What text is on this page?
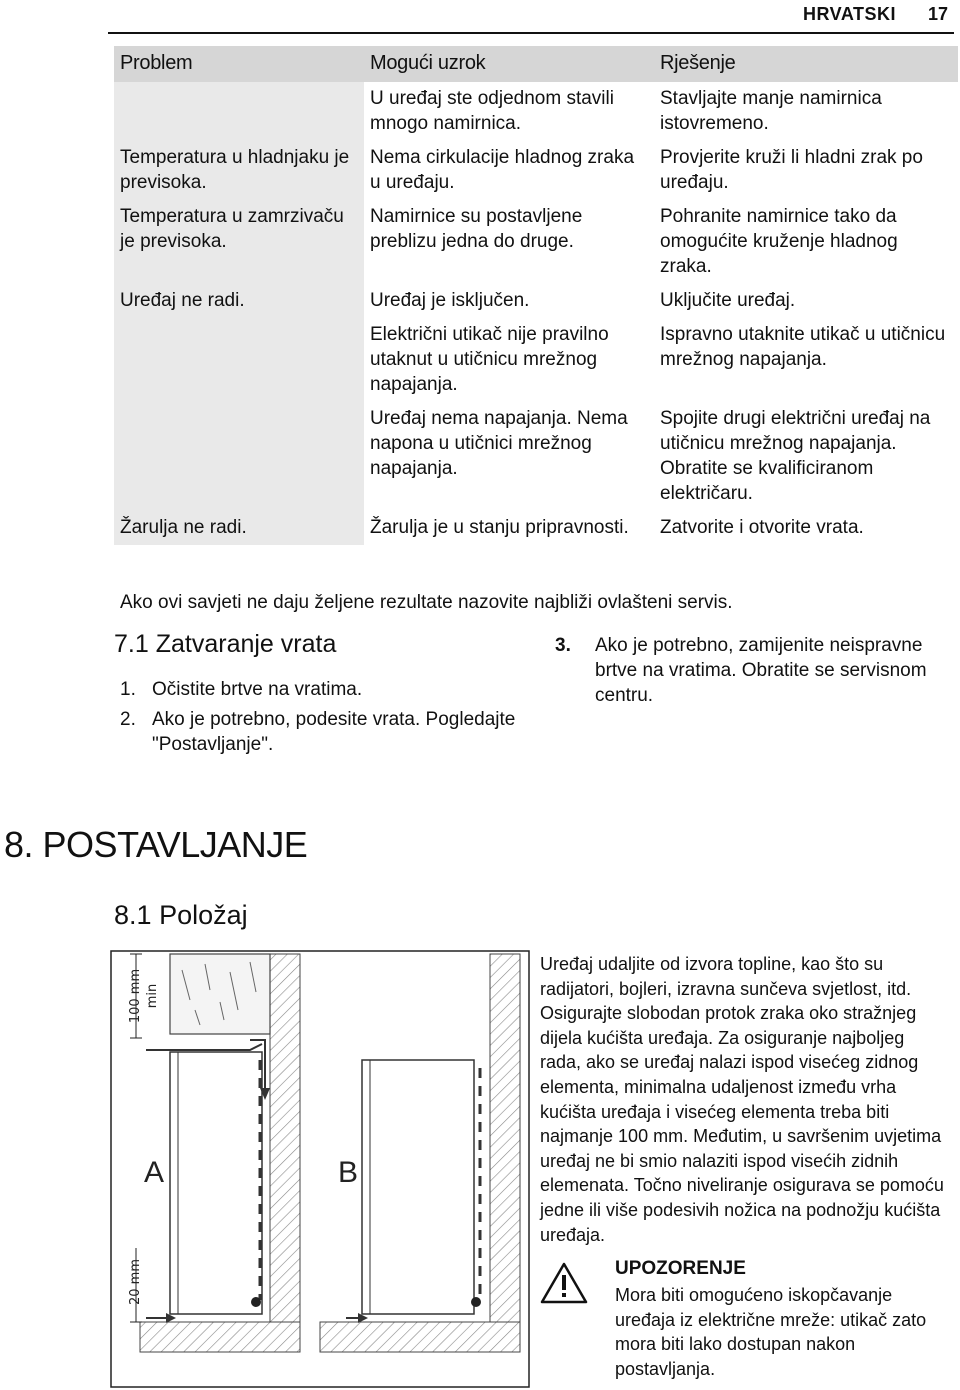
HRVATSKI 17
Problem	Mogući uzrok	Rješenje
	U uređaj ste odjednom stavili mnogo namirnica.	Stavljajte manje namirnica istovremeno.
Temperatura u hladnjaku je previsoka.	Nema cirkulacije hladnog zraka u uređaju.	Provjerite kruži li hladni zrak po uređaju.
Temperatura u zamrzivaču je previsoka.	Namirnice su postavljene preblizu jedna do druge.	Pohranite namirnice tako da omogućite kruženje hladnog zraka.
Uređaj ne radi.	Uređaj je isključen.	Uključite uređaj.
	Električni utikač nije pravilno utaknut u utičnicu mrežnog napajanja.	Ispravno utaknite utikač u utičnicu mrežnog napajanja.
	Uređaj nema napajanja. Nema napona u utičnici mrežnog napajanja.	Spojite drugi električni uređaj na utičnicu mrežnog napajanja. Obratite se kvalificiranom električaru.
Žarulja ne radi.	Žarulja je u stanju pripravnosti.	Zatvorite i otvorite vrata.
Ako ovi savjeti ne daju željene rezultate nazovite najbliži ovlašteni servis.
7.1 Zatvaranje vrata
1. Očistite brtve na vratima.
2. Ako je potrebno, podesite vrata. Pogledajte "Postavljanje".
3. Ako je potrebno, zamijenite neispravne brtve na vratima. Obratite se servisnom centru.
8. POSTAVLJANJE
8.1 Položaj
100 mm min
20 mm
A	B
Uređaj udaljite od izvora topline, kao što su radijatori, bojleri, izravna sunčeva svjetlost, itd. Osigurajte slobodan protok zraka oko stražnjeg dijela kućišta uređaja. Za osiguranje najboljeg rada, ako se uređaj nalazi ispod visećeg zidnog elementa, minimalna udaljenost između vrha kućišta uređaja i visećeg elementa treba biti najmanje 100 mm. Međutim, u savršenim uvjetima uređaj ne bi smio nalaziti ispod visećih zidnih elemenata. Točno niveliranje osigurava se pomoću jedne ili više podesivih nožica na podnožju kućišta uređaja.
UPOZORENJE
Mora biti omogućeno iskopčavanje uređaja iz električne mreže: utikač zato mora biti lako dostupan nakon postavljanja.
